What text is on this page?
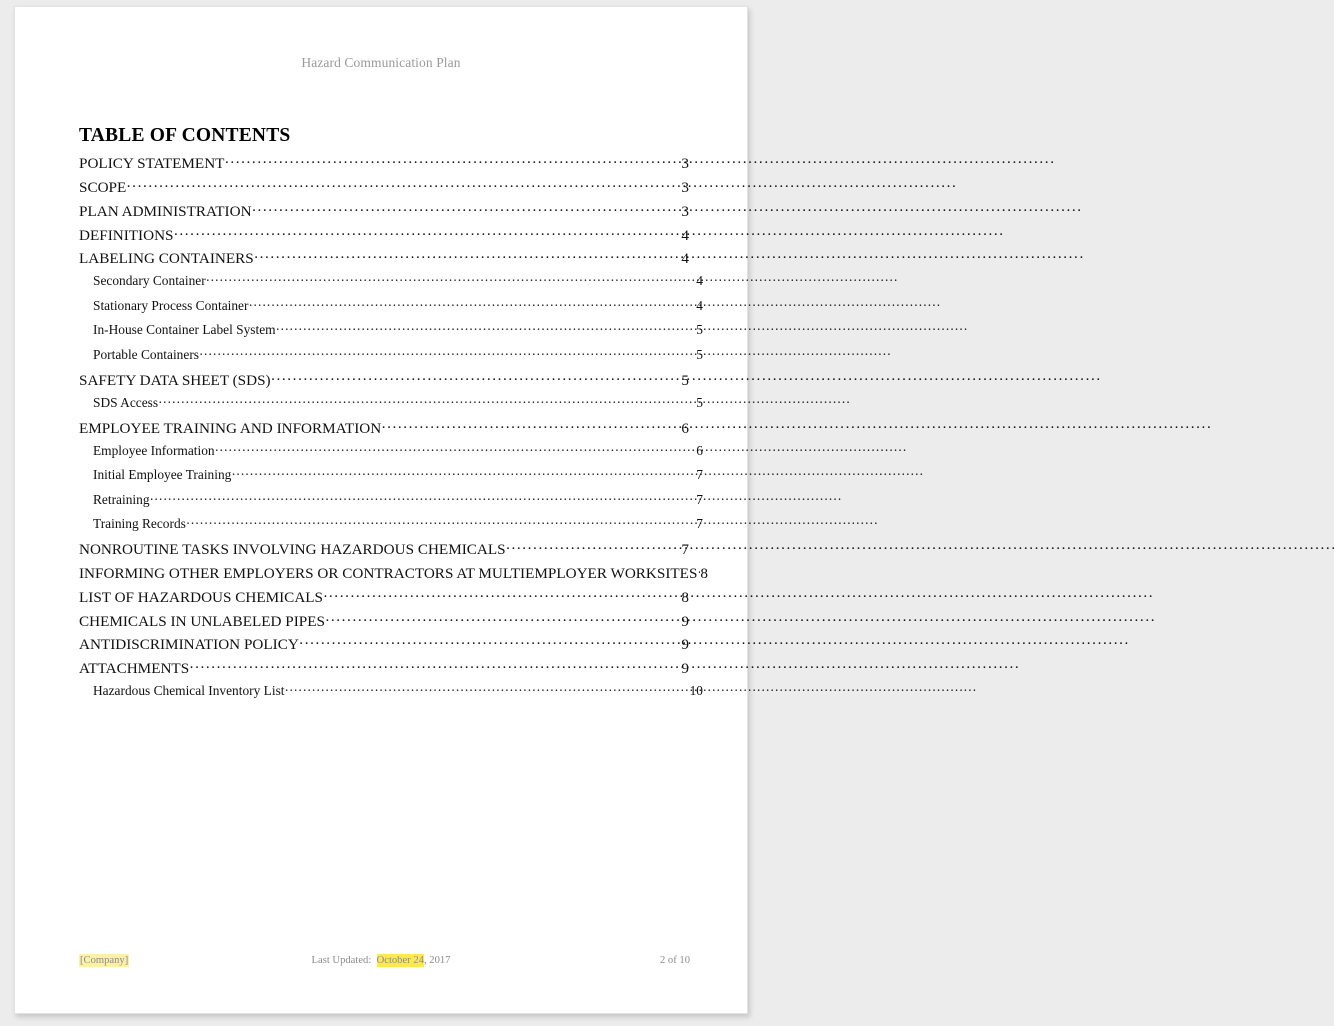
Hazard Communication Plan
TABLE OF CONTENTS
POLICY STATEMENT . . .	3
SCOPE . . .	3
PLAN ADMINISTRATION . . .	3
DEFINITIONS . . .	4
LABELING CONTAINERS . . .	4
Secondary Container . . .	4
Stationary Process Container . . .	4
In-House Container Label System . . .	5
Portable Containers . . .	5
SAFETY DATA SHEET (SDS) . . .	5
SDS Access . . .	5
EMPLOYEE TRAINING AND INFORMATION . . .	6
Employee Information . . .	6
Initial Employee Training . . .	7
Retraining . . .	7
Training Records . . .	7
NONROUTINE TASKS INVOLVING HAZARDOUS CHEMICALS . . .	7
INFORMING OTHER EMPLOYERS OR CONTRACTORS AT MULTIEMPLOYER WORKSITES . . . 8
LIST OF HAZARDOUS CHEMICALS . . .	8
CHEMICALS IN UNLABELED PIPES . . .	9
ANTIDISCRIMINATION POLICY . . .	9
ATTACHMENTS . . .	9
Hazardous Chemical Inventory List . . .	10
[Company]	Last Updated: October 24, 2017	2 of 10
